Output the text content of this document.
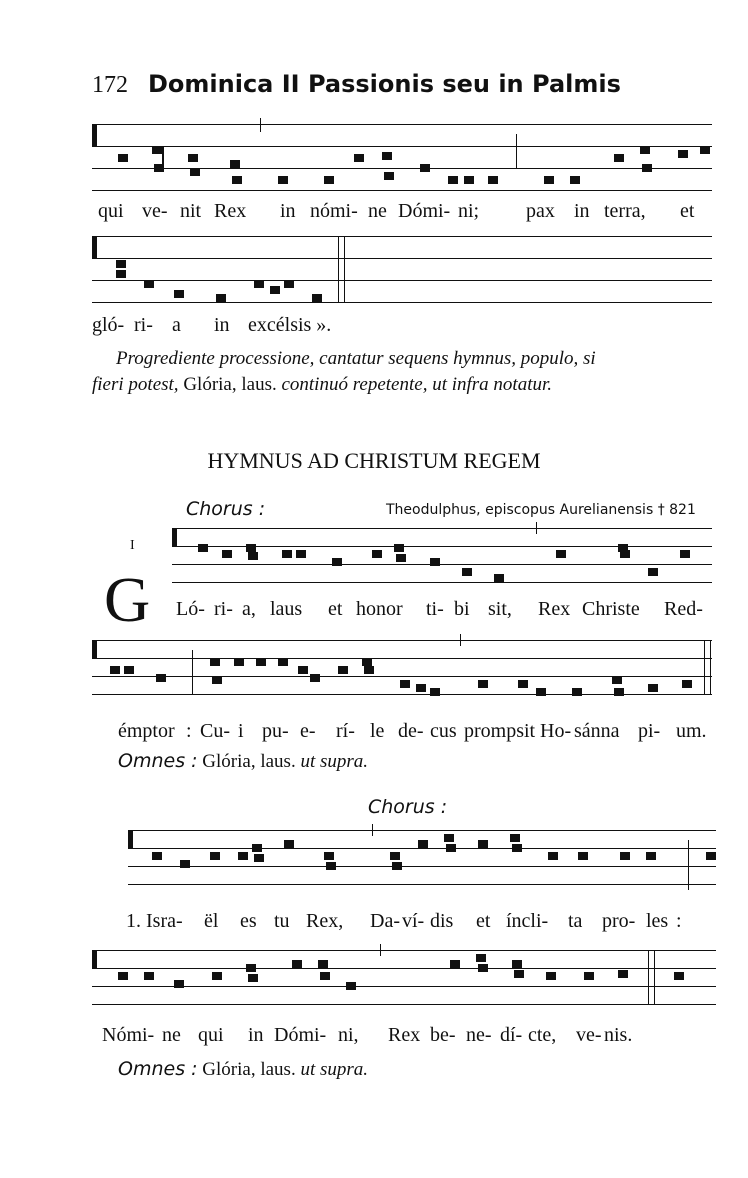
172 Dominica II Passionis seu in Palmis
qui ve- nit Rex in nómi- ne Dómi- ni; pax in terra, et
gló- ri- a in excélsis ».
Progrediente processione, cantatur sequens hymnus, populo, si
fieri potest, Glória, laus. continuó repetente, ut infra notatur.
HYMNUS AD CHRISTUM REGEM
Chorus :	Theodulphus, episcopus Aurelianensis † 821
I
G Ló- ri- a, laus et honor ti- bi sit, Rex Christe Red-
émptor : Cu- i pu- e- rí- le de- cus prompsit Ho- sánna pi- um.
Omnes : Glória, laus. ut supra.
Chorus :
1. Isra- ël es tu Rex, Da- ví- dis et íncli- ta pro- les :
Nómi- ne qui in Dómi- ni, Rex be- ne- dí- cte, ve- nis.
Omnes : Glória, laus. ut supra.
